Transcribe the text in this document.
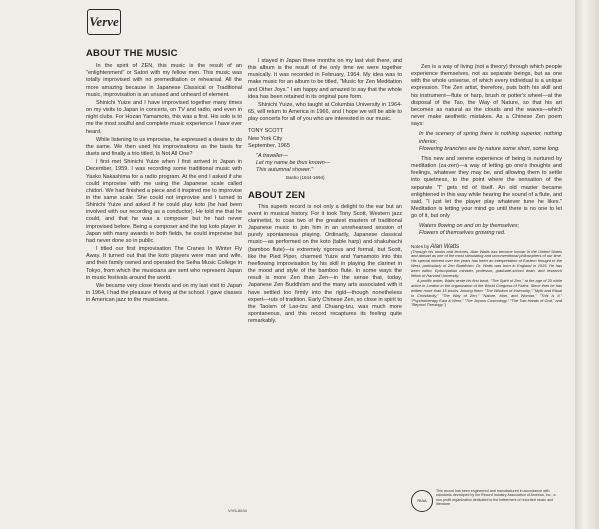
Verve
ABOUT THE MUSIC

In the spirit of ZEN, this music is the result of an "enlightenment" or Satori with my fellow men. This music was totally improvised with no premeditation or rehearsal. All the more amazing because in Japanese Classical or Traditional music, improvisation is an unused and unheard of element.

Shinichi Yuize and I have improvised together many times on my visits to Japan in concerts, on TV and radio, and even in night clubs. For Hozan Yamamoto, this was a first. His solo is to me the most soulful and complete music experience I have ever heard.

While listening to us improvise, he expressed a desire to do the same. We then used his improvisations as the basis for duets and finally a trio titled, Is Not All One?

I first met Shinichi Yuize when I first arrived in Japan in December, 1959. I was recording some traditional music with Yasko Nakashima for a radio program. At the end I asked if she could improvise with me using the Japanese scale called chidori. We had finished a piece and it inspired me to improvise in the same scale. She could not improvise and I turned to Shinichi Yuize and asked if he could play koto (he had been involved with our recording as a conductor). He told me that he could, and that he was a composer but he had never improvised before. Being a composer and the top koto player in Japan with many awards in both fields, he could improvise but had never done so in public.

I titled our first improvisation The Cranes In Winter Fly Away. It turned out that the koto players were man and wife, and their family owned and operated the Seiha Music College in Tokyo, from which the musicians are sent who represent Japan in music festivals around the world.

We became very close friends and on my last visit to Japan in 1964, I had the pleasure of living at the school. I gave classes in American jazz to the musicians.

I stayed in Japan three months on my last visit there, and this album is the result of the only time we were together musically. It was recorded in February, 1964. My idea was to make music for an album to be titled, "Music for Zen Meditation and Other Joys." I am happy and amazed to say that the whole idea has been retained in its original pure form.

Shinichi Yuize, who taught at Columbia University in 1964-65, will return to America in 1966, and I hope we will be able to play concerts for all of you who are interested in our music.

TONY SCOTT
New York City
September, 1965

"A traveller—
Let my name be thus known—
This autumnal shower."
Basho (1644-1694)
ABOUT ZEN

This superb record is not only a delight to the ear but an event in musical history. For it took Tony Scott, Western jazz clarinetist, to coax two of the greatest masters of traditional Japanese music to join him in an unrehearsed session of purely spontaneous playing. Ordinarily, Japanese classical music—as performed on the koto (table harp) and shakuhachi (bamboo flute)—is extremely rigorous and formal, but Scott, like the Pied Piper, charmed Yuize and Yamamoto into this freeflowing improvisation by his skill in playing the clarinet in the mood and style of the bamboo flute. In some ways the result is more Zen than Zen—in the sense that, today, Japanese Zen Buddhism and the many arts associated with it have settled too firmly into the rigid—though nonetheless expert—ruts of tradition. Early Chinese Zen, so close in spirit to the Taoism of Lao-tzu and Chuang-tzu, was much more spontaneous, and this record recaptures its feeling quite remarkably.

Zen is a way of living (not a theory) through which people experience themselves, not as separate beings, but as one with the whole universe, of which every individual is a unique expression. The Zen artist, therefore, puts both his skill and his instrument—flute or harp, brush or potter's wheel—at the disposal of the Tao, the Way of Nature, so that his art becomes as natural as the clouds and the waves—which never make aesthetic mistakes. As a Chinese Zen poem says:

In the scenery of spring there is nothing superior, nothing inferior;
Flowering branches are by nature some short, some long.

This new and serene experience of being is nurtured by meditation (za-zen)—a way of letting go one's thoughts and feelings, whatever they may be, and allowing them to settle into quietness, to the point where the sensation of the separate "I" gets rid of itself. An old master became enlightened in this way while hearing the sound of a flute, and said, "I just let the player play whatever tune he likes." Meditation is letting your mind go until there is no one to let go of it, but only

Waters flowing on and on by themselves;
Flowers of themselves growing red.
Notes by Alan Watts
(Through his books and lectures, Alan Watts has become known in the United States and abroad as one of the most stimulating and unconventional philosophers of our time. His special interest over the years has been an interpretation of Eastern thought to the West, particularly of Zen Buddhism. Dr. Watts was born in England in 1915. He has been editor, Episcopalian minister, professor, graduate-school dean, and research fellow of Harvard University.
A prolific writer, Watts wrote his first book, "The Spirit of Zen," at the age of 20 while active in London in the organization of the World Congress of Faiths. Since then he has written more than 15 books. Among them: "The Wisdom of Insecurity," "Myth and Ritual in Christianity," "The Way of Zen," "Nature, Man, and Woman," "This is It," "Psychotherapy East & West," "The Joyous Cosmology," "The Two Hands of God," and "Beyond Theology.")
V/V6-8634
RIAA
This record has been engineered and manufactured in accordance with standards developed by the Record Industry Association of America, Inc., a non-profit organization dedicated to the betterment of recorded music and literature.
